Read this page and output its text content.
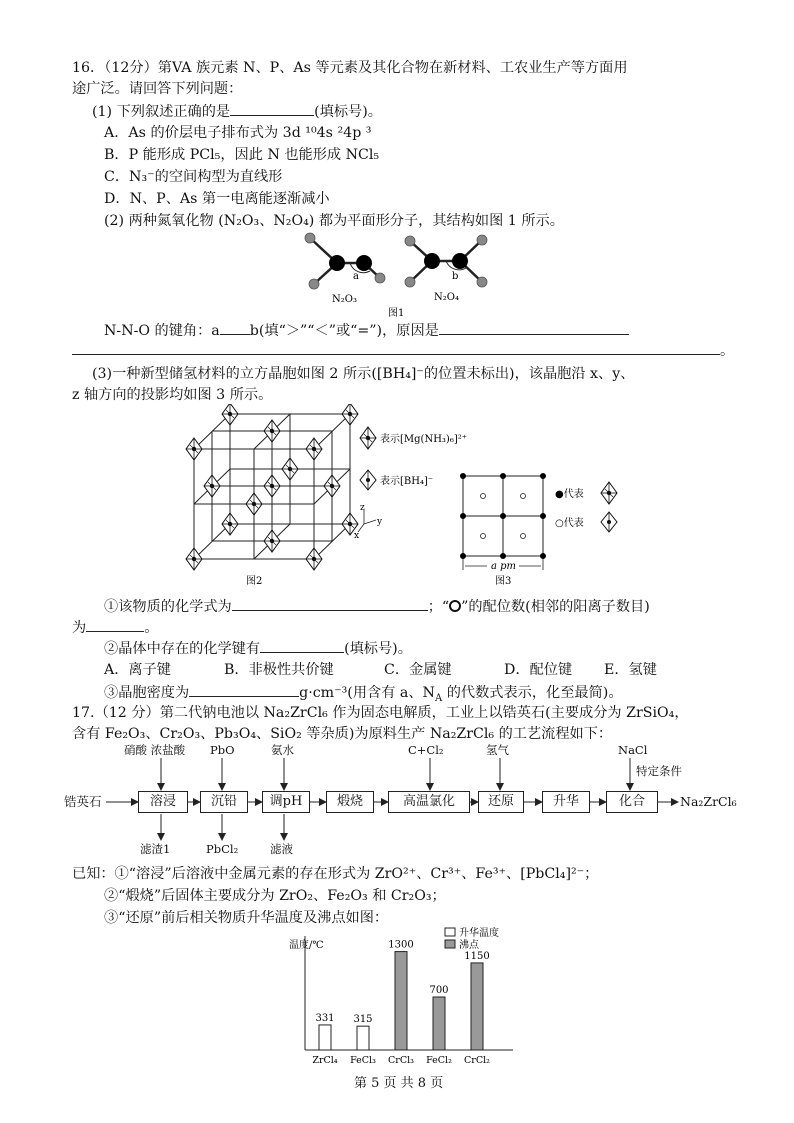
16．（12分）第VA 族元素 N、P、As 等元素及其化合物在新材料、工农业生产等方面用
途广泛。请回答下列问题：
(1) 下列叙述正确的是	(填标号)。
A．As 的价层电子排布式为 3d ¹⁰4s ²4p ³
B．P 能形成 PCl₅，因此 N 也能形成 NCl₅
C．N₃⁻的空间构型为直线形
D．N、P、As 第一电离能逐渐减小
(2) 两种氮氧化物 (N₂O₃、N₂O₄) 都为平面形分子，其结构如图 1 所示。
a	b
N₂O₃	N₂O₄
图1
N-N-O 的键角：a b(填“＞”“＜”或“=”)，原因是
。
(3)一种新型储氢材料的立方晶胞如图 2 所示([BH₄]⁻的位置未标出)，该晶胞沿 x、y、
z 轴方向的投影均如图 3 所示。
表示[Mg(NH₃)₆]²⁺
表示[BH₄]⁻
z
y
x
图2
a pm
●代表
○代表
图3
①该物质的化学式为	；“ ”的配位数(相邻的阳离子数目)
为	。
②晶体中存在的化学键有	(填标号)。
A．离子键	B．非极性共价键	C．金属键	D．配位键 E．氢键
③晶胞密度为	g·cm⁻³(用含有 a、$N_A$ 的代数式表示，化至最简)。
17.（12 分）第二代钠电池以 Na₂ZrCl₆ 作为固态电解质，工业上以锆英石(主要成分为 ZrSiO₄，
含有 Fe₂O₃、Cr₂O₃、Pb₃O₄、SiO₂ 等杂质)为原料生产 Na₂ZrCl₆ 的工艺流程如下：
锆英石	Na₂ZrCl₆
溶浸	沉铅	调pH	煅烧	高温氯化	还原	升华	化合
硝酸 浓盐酸 PbO	氨水	C+Cl₂	氢气	NaCl
特定条件
滤渣1	PbCl₂	滤液
已知：①“溶浸”后溶液中金属元素的存在形式为 ZrO²⁺、Cr³⁺、Fe³⁺、[PbCl₄]²⁻；
②“煅烧”后固体主要成分为 ZrO₂、Fe₂O₃ 和 Cr₂O₃；
③“还原”前后相关物质升华温度及沸点如图：
温度/℃
升华温度
沸点
331
ZrCl₄
315
FeCl₃
1300
CrCl₃
700
FeCl₂
1150
CrCl₂
第 5 页 共 8 页
